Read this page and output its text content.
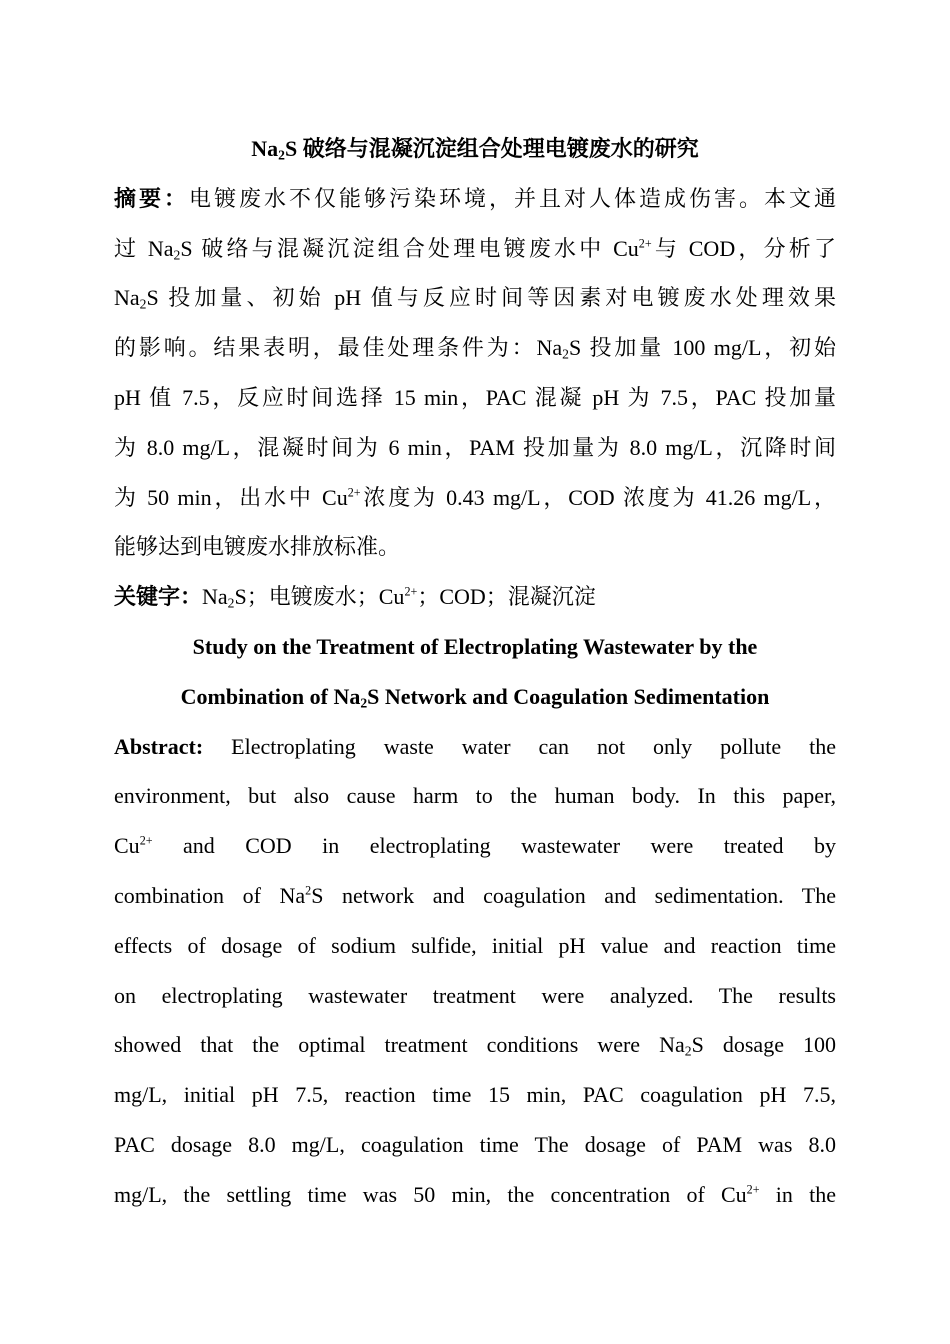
$Na_2S$ 破络与混凝沉淀组合处理电镀废水的研究
摘要：电镀废水不仅能够污染环境，并且对人体造成伤害。本文通
过 $Na_2S$ 破络与混凝沉淀组合处理电镀废水中 $Cu^{2+}$与 COD，分析了
$Na_2S$ 投加量、初始 pH 值与反应时间等因素对电镀废水处理效果
的影响。结果表明，最佳处理条件为：$Na_2S$ 投加量 100 mg/L，初始
pH 值 7.5，反应时间选择 15 min，PAC 混凝 pH 为 7.5，PAC 投加量
为 8.0 mg/L，混凝时间为 6 min，PAM 投加量为 8.0 mg/L，沉降时间
为 50 min，出水中 $Cu^{2+}$浓度为 0.43 mg/L，COD 浓度为 41.26 mg/L，
能够达到电镀废水排放标准。
关键字：$Na_2S$；电镀废水；$Cu^{2+}$；COD；混凝沉淀
Study on the Treatment of Electroplating Wastewater by the
Combination of $Na_2S$ Network and Coagulation Sedimentation
Abstract: Electroplating waste water can not only pollute the
environment, but also cause harm to the human body. In this paper,
$Cu^{2+}$ and COD in electroplating wastewater were treated by
combination of Na$^2$S network and coagulation and sedimentation. The
effects of dosage of sodium sulfide, initial pH value and reaction time
on electroplating wastewater treatment were analyzed. The results
showed that the optimal treatment conditions were $Na_2S$ dosage 100
mg/L, initial pH 7.5, reaction time 15 min, PAC coagulation pH 7.5,
PAC dosage 8.0 mg/L, coagulation time The dosage of PAM was 8.0
mg/L, the settling time was 50 min, the concentration of $Cu^{2+}$ in the
